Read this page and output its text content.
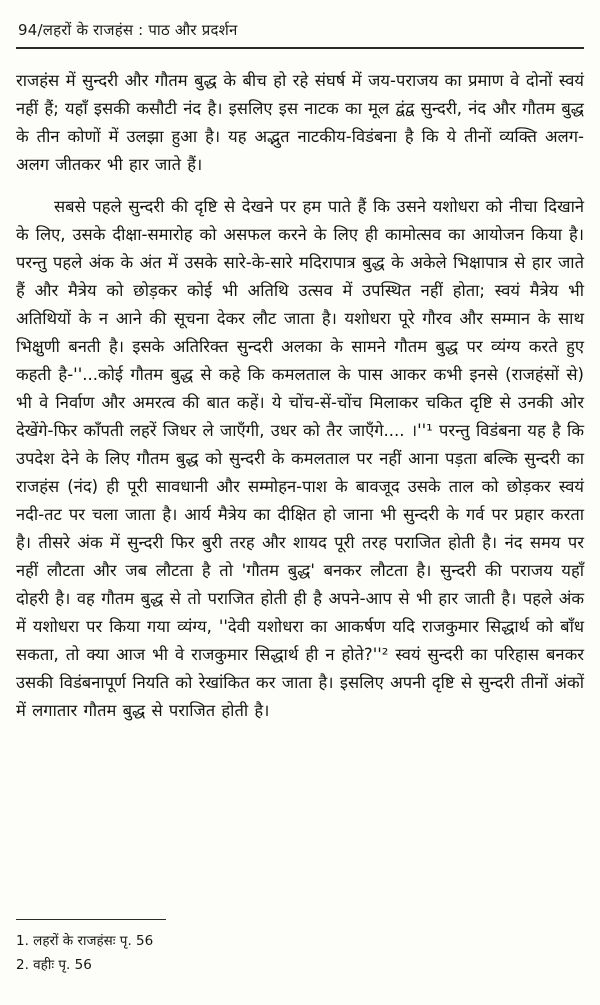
94/लहरों के राजहंस : पाठ और प्रदर्शन

राजहंस में सुन्दरी और गौतम बुद्ध के बीच हो रहे संघर्ष में जय-पराजय का प्रमाण वे दोनों स्वयं नहीं हैं; यहाँ इसकी कसौटी नंद है। इसलिए इस नाटक का मूल द्वंद्व सुन्दरी, नंद और गौतम बुद्ध के तीन कोणों में उलझा हुआ है। यह अद्भुत नाटकीय-विडंबना है कि ये तीनों व्यक्ति अलग-अलग जीतकर भी हार जाते हैं।

सबसे पहले सुन्दरी की दृष्टि से देखने पर हम पाते हैं कि उसने यशोधरा को नीचा दिखाने के लिए, उसके दीक्षा-समारोह को असफल करने के लिए ही कामोत्सव का आयोजन किया है। परन्तु पहले अंक के अंत में उसके सारे-के-सारे मदिरापात्र बुद्ध के अकेले भिक्षापात्र से हार जाते हैं और मैत्रेय को छोड़कर कोई भी अतिथि उत्सव में उपस्थित नहीं होता; स्वयं मैत्रेय भी अतिथियों के न आने की सूचना देकर लौट जाता है। यशोधरा पूरे गौरव और सम्मान के साथ भिक्षुणी बनती है। इसके अतिरिक्त सुन्दरी अलका के सामने गौतम बुद्ध पर व्यंग्य करते हुए कहती है-''...कोई गौतम बुद्ध से कहे कि कमलताल के पास आकर कभी इनसे (राजहंसों से) भी वे निर्वाण और अमरत्व की बात कहें। ये चोंच-सें-चोंच मिलाकर चकित दृष्टि से उनकी ओर देखेंगे-फिर काँपती लहरें जिधर ले जाएँगी, उधर को तैर जाएँगे.... ।''¹ परन्तु विडंबना यह है कि उपदेश देने के लिए गौतम बुद्ध को सुन्दरी के कमलताल पर नहीं आना पड़ता बल्कि सुन्दरी का राजहंस (नंद) ही पूरी सावधानी और सम्मोहन-पाश के बावजूद उसके ताल को छोड़कर स्वयं नदी-तट पर चला जाता है। आर्य मैत्रेय का दीक्षित हो जाना भी सुन्दरी के गर्व पर प्रहार करता है। तीसरे अंक में सुन्दरी फिर बुरी तरह और शायद पूरी तरह पराजित होती है। नंद समय पर नहीं लौटता और जब लौटता है तो 'गौतम बुद्ध' बनकर लौटता है। सुन्दरी की पराजय यहाँ दोहरी है। वह गौतम बुद्ध से तो पराजित होती ही है अपने-आप से भी हार जाती है। पहले अंक में यशोधरा पर किया गया व्यंग्य, ''देवी यशोधरा का आकर्षण यदि राजकुमार सिद्धार्थ को बाँध सकता, तो क्या आज भी वे राजकुमार सिद्धार्थ ही न होते?''² स्वयं सुन्दरी का परिहास बनकर उसकी विडंबनापूर्ण नियति को रेखांकित कर जाता है। इसलिए अपनी दृष्टि से सुन्दरी तीनों अंकों में लगातार गौतम बुद्ध से पराजित होती है।

1. लहरों के राजहंसः पृ. 56
2. वहीः पृ. 56
